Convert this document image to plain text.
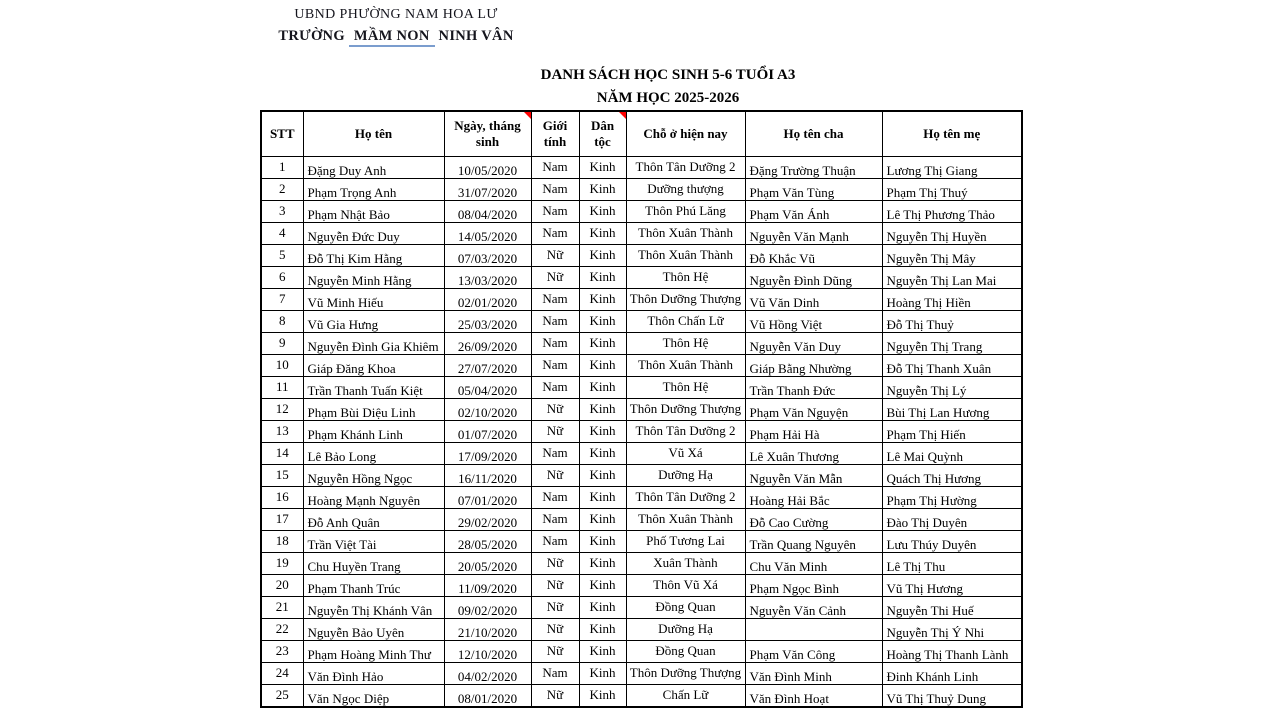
UBND PHƯỜNG NAM HOA LƯ
TRƯỜNG MẦM NON NINH VÂN
DANH SÁCH HỌC SINH 5-6 TUỔI A3
NĂM HỌC 2025-2026
STT	Họ tên	Ngày, tháng sinh	Giới tính	Dân tộc	Chỗ ở hiện nay	Họ tên cha	Họ tên mẹ
1	Đặng Duy Anh	10/05/2020	Nam	Kinh	Thôn Tân Dưỡng 2	Đặng Trường Thuận	Lương Thị Giang
2	Phạm Trọng Anh	31/07/2020	Nam	Kinh	Dưỡng thượng	Phạm Văn Tùng	Phạm Thị Thuý
3	Phạm Nhật Bảo	08/04/2020	Nam	Kinh	Thôn Phú Lăng	Phạm Văn Ánh	Lê Thị Phương Thảo
4	Nguyễn Đức Duy	14/05/2020	Nam	Kinh	Thôn Xuân Thành	Nguyễn Văn Mạnh	Nguyễn Thị Huyền
5	Đỗ Thị Kim Hằng	07/03/2020	Nữ	Kinh	Thôn Xuân Thành	Đỗ Khắc Vũ	Nguyễn Thị Mây
6	Nguyễn Minh Hằng	13/03/2020	Nữ	Kinh	Thôn Hệ	Nguyễn Đình Dũng	Nguyễn Thị Lan Mai
7	Vũ Minh Hiếu	02/01/2020	Nam	Kinh	Thôn Dưỡng Thượng	Vũ Văn Dinh	Hoàng Thị Hiền
8	Vũ Gia Hưng	25/03/2020	Nam	Kinh	Thôn Chấn Lữ	Vũ Hồng Việt	Đỗ Thị Thuỷ
9	Nguyễn Đình Gia Khiêm	26/09/2020	Nam	Kinh	Thôn Hệ	Nguyễn Văn Duy	Nguyễn Thị Trang
10	Giáp Đăng Khoa	27/07/2020	Nam	Kinh	Thôn Xuân Thành	Giáp Bằng Nhường	Đỗ Thị Thanh Xuân
11	Trần Thanh Tuấn Kiệt	05/04/2020	Nam	Kinh	Thôn Hệ	Trần Thanh Đức	Nguyễn Thị Lý
12	Phạm Bùi Diệu Linh	02/10/2020	Nữ	Kinh	Thôn Dưỡng Thượng	Phạm Văn Nguyện	Bùi Thị Lan Hương
13	Phạm Khánh Linh	01/07/2020	Nữ	Kinh	Thôn Tân Dưỡng 2	Phạm Hải Hà	Phạm Thị Hiến
14	Lê Bảo Long	17/09/2020	Nam	Kinh	Vũ Xá	Lê Xuân Thương	Lê Mai Quỳnh
15	Nguyễn Hồng Ngọc	16/11/2020	Nữ	Kinh	Dưỡng Hạ	Nguyễn Văn Mẫn	Quách Thị Hương
16	Hoàng Mạnh Nguyên	07/01/2020	Nam	Kinh	Thôn Tân Dưỡng 2	Hoàng Hải Bắc	Phạm Thị Hường
17	Đỗ Anh Quân	29/02/2020	Nam	Kinh	Thôn Xuân Thành	Đỗ Cao Cường	Đào Thị Duyên
18	Trần Việt Tài	28/05/2020	Nam	Kinh	Phố Tương Lai	Trần Quang Nguyên	Lưu Thúy Duyên
19	Chu Huyền Trang	20/05/2020	Nữ	Kinh	Xuân Thành	Chu Văn Minh	Lê Thị Thu
20	Phạm Thanh Trúc	11/09/2020	Nữ	Kinh	Thôn Vũ Xá	Phạm Ngọc Bình	Vũ Thị Hương
21	Nguyễn Thị Khánh Vân	09/02/2020	Nữ	Kinh	Đồng Quan	Nguyễn Văn Cảnh	Nguyễn Thi Huế
22	Nguyễn Bảo Uyên	21/10/2020	Nữ	Kinh	Dưỡng Hạ		Nguyễn Thị Ý Nhi
23	Phạm Hoàng Minh Thư	12/10/2020	Nữ	Kinh	Đồng Quan	Phạm Văn Công	Hoàng Thị Thanh Lành
24	Văn Đình Hảo	04/02/2020	Nam	Kinh	Thôn Dưỡng Thượng	Văn Đình Minh	Đinh Khánh Linh
25	Văn Ngọc Diệp	08/01/2020	Nữ	Kinh	Chấn Lữ	Văn Đình Hoạt	Vũ Thị Thuỷ Dung
